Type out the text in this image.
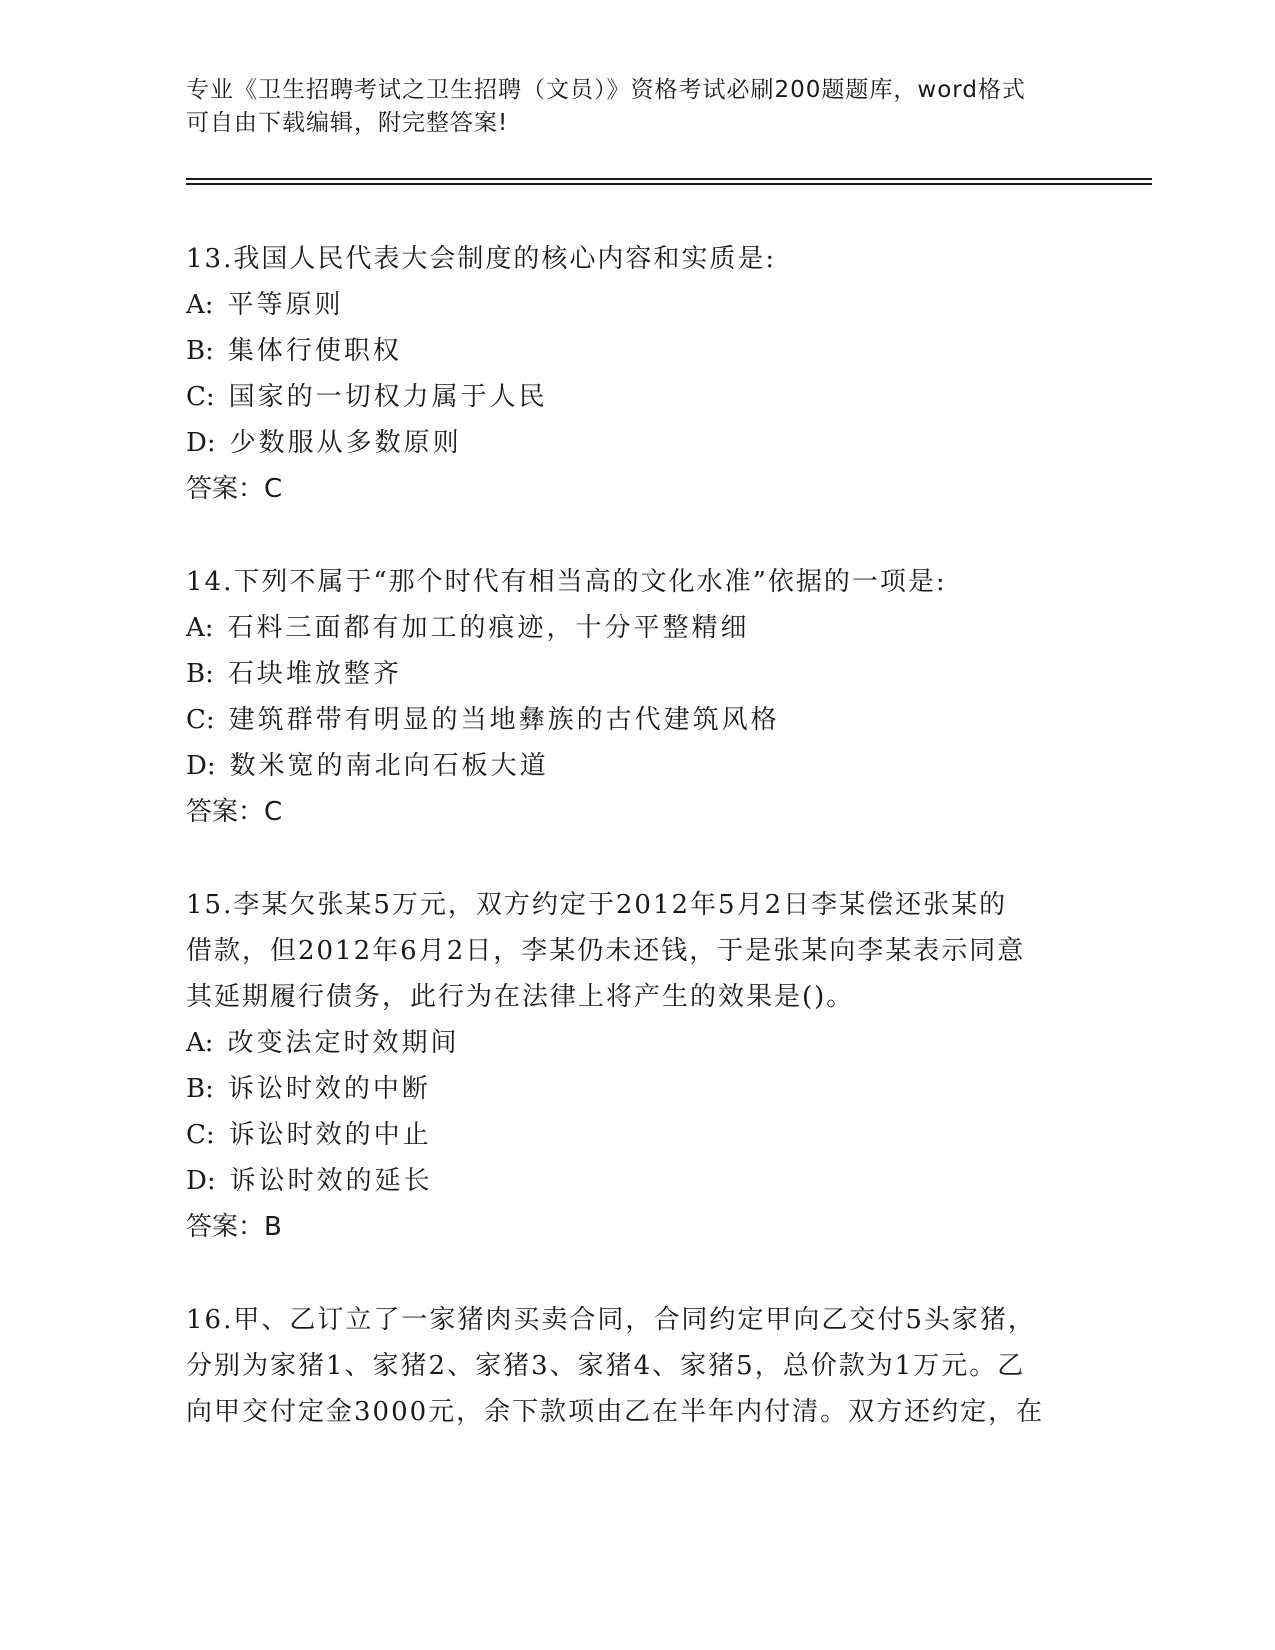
专业《卫生招聘考试之卫生招聘（文员）》资格考试必刷200题题库，word格式
可自由下载编辑，附完整答案!
13.我国人民代表大会制度的核心内容和实质是:
A: 平等原则
B: 集体行使职权
C: 国家的一切权力属于人民
D: 少数服从多数原则
答案：C
14.下列不属于“那个时代有相当高的文化水准”依据的一项是:
A: 石料三面都有加工的痕迹，十分平整精细
B: 石块堆放整齐
C: 建筑群带有明显的当地彝族的古代建筑风格
D: 数米宽的南北向石板大道
答案：C
15.李某欠张某5万元，双方约定于2012年5月2日李某偿还张某的
借款，但2012年6月2日，李某仍未还钱，于是张某向李某表示同意
其延期履行债务，此行为在法律上将产生的效果是()。
A: 改变法定时效期间
B: 诉讼时效的中断
C: 诉讼时效的中止
D: 诉讼时效的延长
答案：B
16.甲、乙订立了一家猪肉买卖合同，合同约定甲向乙交付5头家猪，
分别为家猪1、家猪2、家猪3、家猪4、家猪5，总价款为1万元。乙
向甲交付定金3000元，余下款项由乙在半年内付清。双方还约定，在
